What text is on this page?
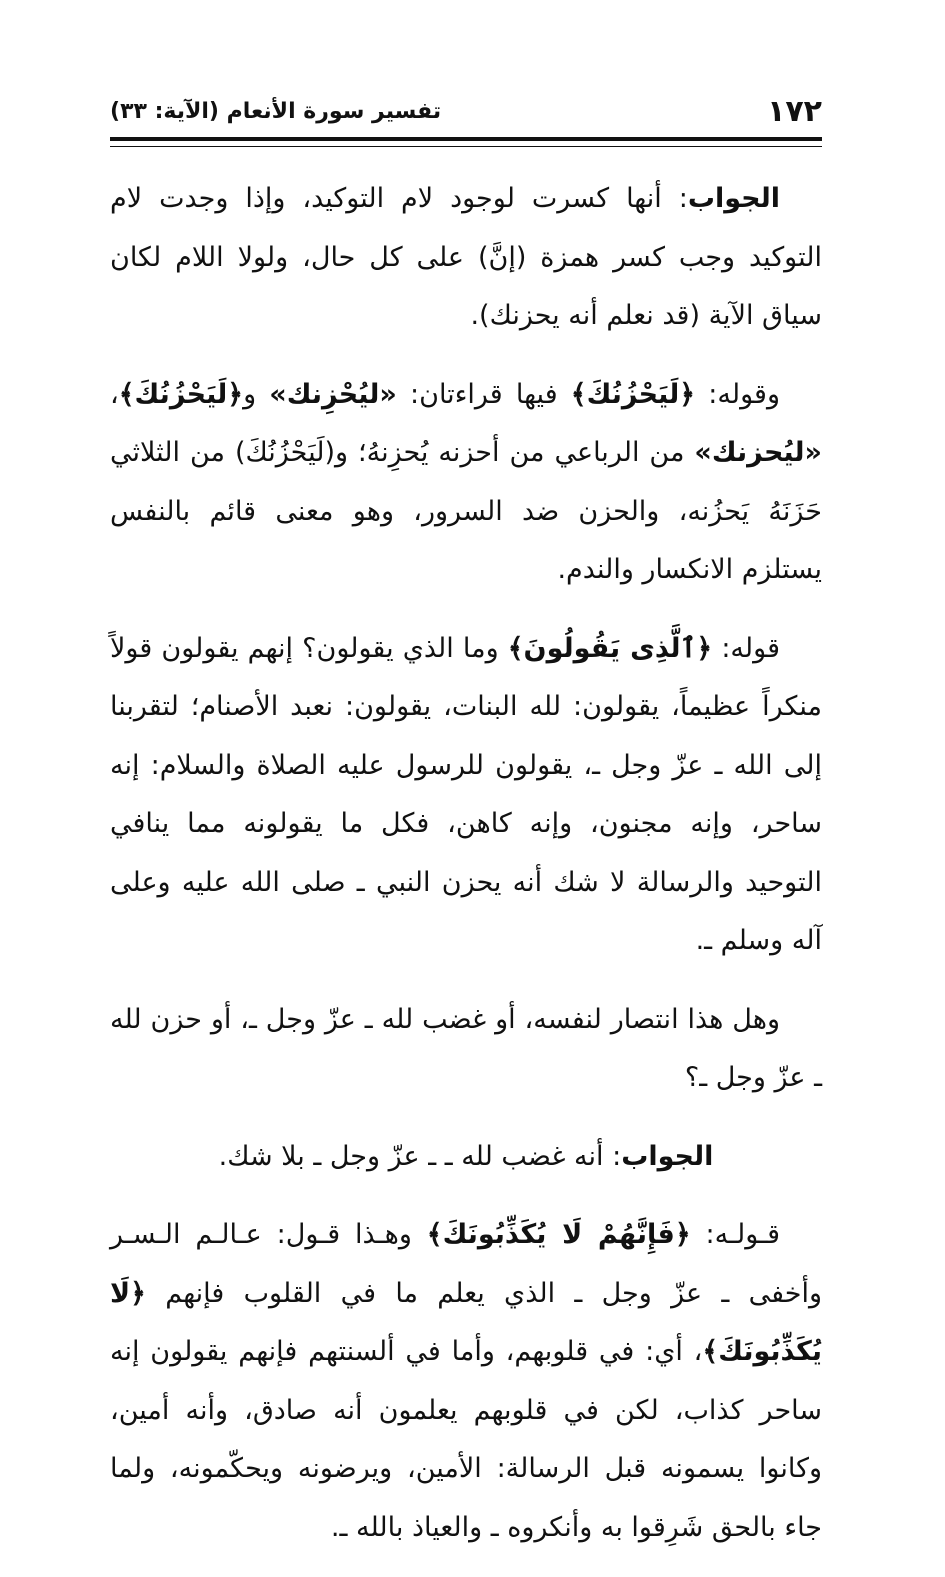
١٧٢
تفسير سورة الأنعام (الآية: ٣٣)

الجواب: أنها كسرت لوجود لام التوكيد، وإذا وجدت لام التوكيد وجب كسر همزة (إنَّ) على كل حال، ولولا اللام لكان سياق الآية (قد نعلم أنه يحزنك).

وقوله: ﴿لَيَحْزُنُكَ﴾ فيها قراءتان: «ليُحْزِنك» و﴿لَيَحْزُنُكَ﴾، «ليُحزنك» من الرباعي من أحزنه يُحزِنهُ؛ و(لَيَحْزُنُكَ) من الثلاثي حَزَنَهُ يَحزُنه، والحزن ضد السرور، وهو معنى قائم بالنفس يستلزم الانكسار والندم.

قوله: ﴿ٱلَّذِى يَقُولُونَ﴾ وما الذي يقولون؟ إنهم يقولون قولاً منكراً عظيماً، يقولون: لله البنات، يقولون: نعبد الأصنام؛ لتقربنا إلى الله ـ عزّ وجل ـ، يقولون للرسول عليه الصلاة والسلام: إنه ساحر، وإنه مجنون، وإنه كاهن، فكل ما يقولونه مما ينافي التوحيد والرسالة لا شك أنه يحزن النبي ـ صلى الله عليه وعلى آله وسلم ـ.

وهل هذا انتصار لنفسه، أو غضب لله ـ عزّ وجل ـ، أو حزن لله ـ عزّ وجل ـ؟

الجواب: أنه غضب لله ـ ـ عزّ وجل ـ بلا شك.

قـولـه: ﴿فَإِنَّهُمْ لَا يُكَذِّبُونَكَ﴾ وهـذا قـول: عـالـم الـسـر وأخفى ـ عزّ وجل ـ الذي يعلم ما في القلوب فإنهم ﴿لَا يُكَذِّبُونَكَ﴾، أي: في قلوبهم، وأما في ألسنتهم فإنهم يقولون إنه ساحر كذاب، لكن في قلوبهم يعلمون أنه صادق، وأنه أمين، وكانوا يسمونه قبل الرسالة: الأمين، ويرضونه ويحكّمونه، ولما جاء بالحق شَرِقوا به وأنكروه ـ والعياذ بالله ـ.
